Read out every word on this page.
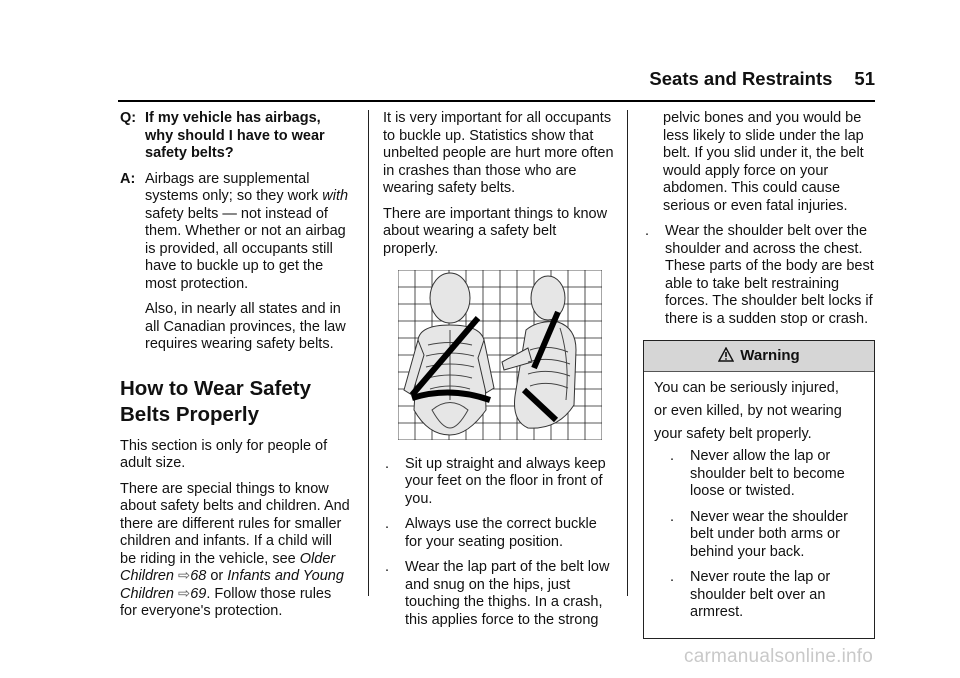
Seats and Restraints 51
Q: If my vehicle has airbags, why should I have to wear safety belts?
A: Airbags are supplemental systems only; so they work with safety belts — not instead of them. Whether or not an airbag is provided, all occupants still have to buckle up to get the most protection.

Also, in nearly all states and in all Canadian provinces, the law requires wearing safety belts.

How to Wear Safety Belts Properly

This section is only for people of adult size.

There are special things to know about safety belts and children. And there are different rules for smaller children and infants. If a child will be riding in the vehicle, see Older Children ⇨68 or Infants and Young Children ⇨69. Follow those rules for everyone's protection.

It is very important for all occupants to buckle up. Statistics show that unbelted people are hurt more often in crashes than those who are wearing safety belts.

There are important things to know about wearing a safety belt properly.

.	Sit up straight and always keep your feet on the floor in front of you.
.	Always use the correct buckle for your seating position.
.	Wear the lap part of the belt low and snug on the hips, just touching the thighs. In a crash, this applies force to the strong

pelvic bones and you would be less likely to slide under the lap belt. If you slid under it, the belt would apply force on your abdomen. This could cause serious or even fatal injuries.

.	Wear the shoulder belt over the shoulder and across the chest. These parts of the body are best able to take belt restraining forces. The shoulder belt locks if there is a sudden stop or crash.
Warning

You can be seriously injured,

or even killed, by not wearing

your safety belt properly.

.	Never allow the lap or shoulder belt to become loose or twisted.
.	Never wear the shoulder belt under both arms or behind your back.
.	Never route the lap or shoulder belt over an armrest.
carmanualsonline.info
